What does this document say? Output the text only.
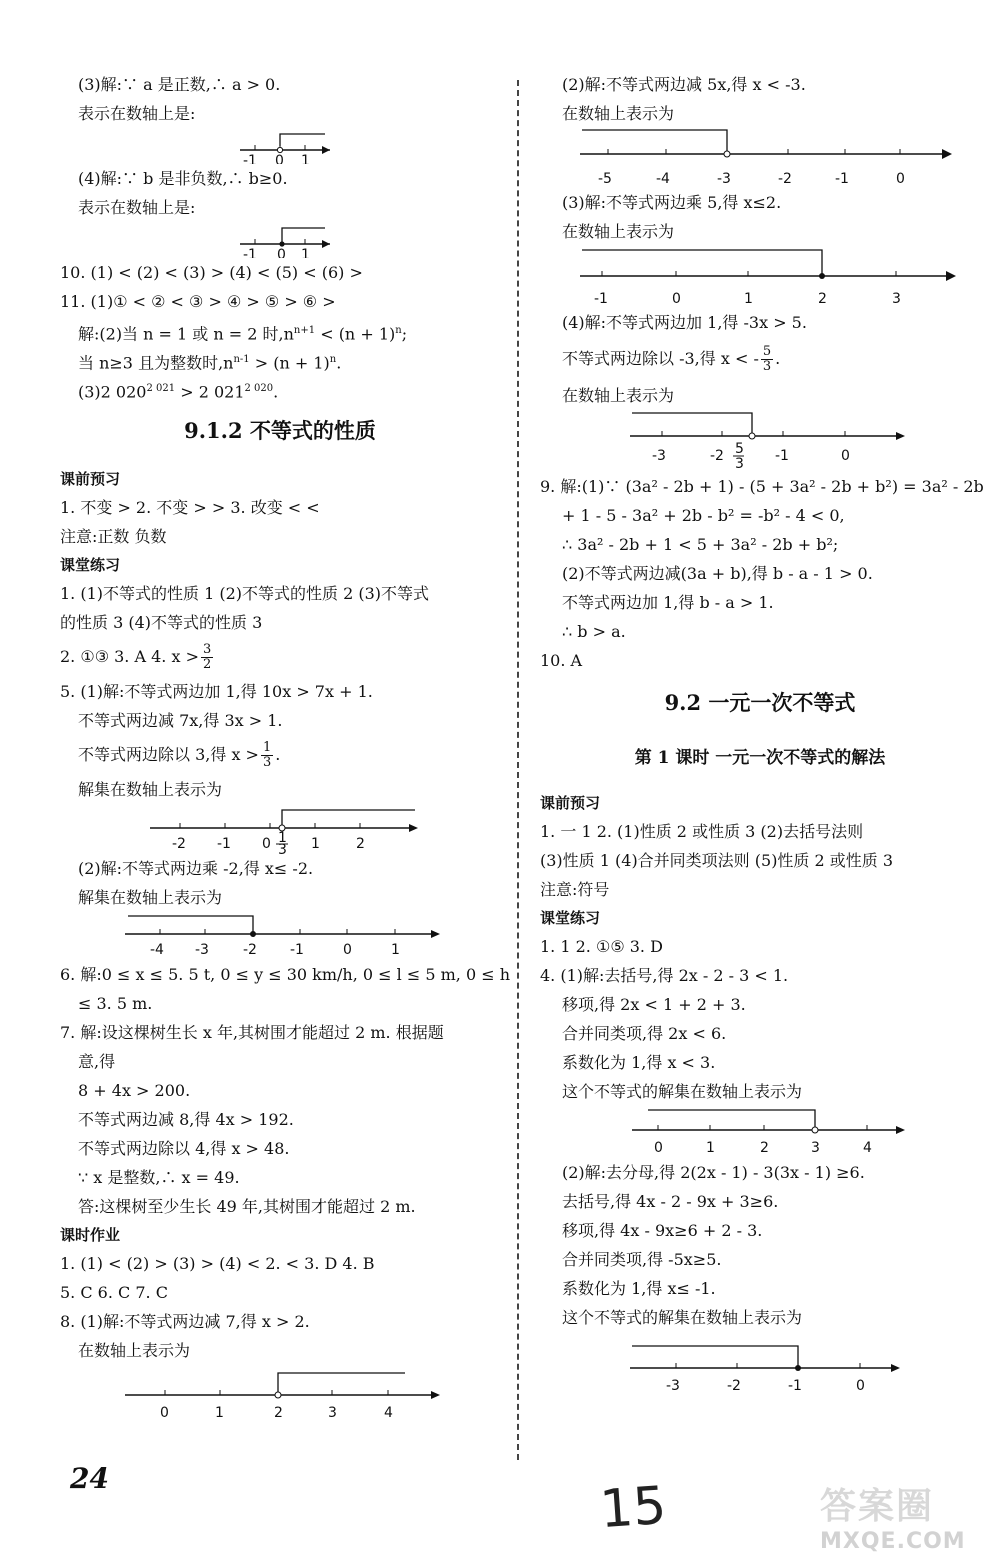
(3)解:∵ a 是正数,∴ a > 0.
表示在数轴上是:
-1 0 1
(4)解:∵ b 是非负数,∴ b≥0.
表示在数轴上是:
-1 0 1
10. (1) < (2) < (3) > (4) < (5) < (6) >
11. (1)① < ② < ③ > ④ > ⑤ > ⑥ >
解:(2)当 n = 1 或 n = 2 时$,n^{n+1} < (n + 1)^n$;
当 n≥3 且为整数时$,n^{n-1} > (n + 1)^n$.
(3)2 $020^{2 021} > 2$ $021^{2 020}$.
9.1.2 不等式的性质
课前预习
1. 不变 > 2. 不变 > > 3. 改变 < <
注意:正数 负数
课堂练习
1. (1)不等式的性质 1 (2)不等式的性质 2 (3)不等式
的性质 3 (4)不等式的性质 3
2. ①③ 3. A 4. $x > \frac{3}{2}$
5. (1)解:不等式两边加 1,得 10x > 7x + 1.
不等式两边减 7x,得 3x > 1.
不等式两边除以 3,得 $x > \frac{1}{3}$ .
解集在数轴上表示为
-2 -1 0	1	2
1
3
(2)解:不等式两边乘 -2,得 x≤ -2.
解集在数轴上表示为
-4 -3 -2 -1	0	1
6. 解:0 ≤ x ≤ 5. 5 t, 0 ≤ y ≤ 30 km/h, 0 ≤ l ≤ 5 m, 0 ≤ h
≤ 3. 5 m.
7. 解:设这棵树生长 x 年,其树围才能超过 2 m. 根据题
意,得
8 + 4x > 200.
不等式两边减 8,得 4x > 192.
不等式两边除以 4,得 x > 48.
∵ x 是整数,∴ x = 49.
答:这棵树至少生长 49 年,其树围才能超过 2 m.
课时作业
1. (1) < (2) > (3) > (4) < 2. < 3. D 4. B
5. C 6. C 7. C
8. (1)解:不等式两边减 7,得 x > 2.
在数轴上表示为
0	1	2	3	4
(2)解:不等式两边减 5x,得 x < -3.
在数轴上表示为
-5	-4	-3	-2	-1	0
(3)解:不等式两边乘 5,得 x≤2.
在数轴上表示为
-1	0	1	2	3
(4)解:不等式两边加 1,得 -3x > 5.
不等式两边除以 -3,得 x < - $\frac{5}{3}$ .
在数轴上表示为
-3	-2	-1	0
5
3
9. 解:(1)∵ (3a² - 2b + 1) - (5 + 3a² - 2b + b²) = 3a² - 2b
+ 1 - 5 - 3a² + 2b - b² = -b² - 4 < 0,
∴ 3a² - 2b + 1 < 5 + 3a² - 2b + b²;
(2)不等式两边减(3a + b),得 b - a - 1 > 0.
不等式两边加 1,得 b - a > 1.
∴ b > a.
10. A
9.2 一元一次不等式
第 1 课时 一元一次不等式的解法
课前预习
1. 一 1 2. (1)性质 2 或性质 3 (2)去括号法则
(3)性质 1 (4)合并同类项法则 (5)性质 2 或性质 3
注意:符号
课堂练习
1. 1 2. ①⑤ 3. D
4. (1)解:去括号,得 2x - 2 - 3 < 1.
移项,得 2x < 1 + 2 + 3.
合并同类项,得 2x < 6.
系数化为 1,得 x < 3.
这个不等式的解集在数轴上表示为
0	1	2	3	4
(2)解:去分母,得 2(2x - 1) - 3(3x - 1) ≥6.
去括号,得 4x - 2 - 9x + 3≥6.
移项,得 4x - 9x≥6 + 2 - 3.
合并同类项,得 -5x≥5.
系数化为 1,得 x≤ -1.
这个不等式的解集在数轴上表示为
-3	-2	-1	0
24	15	答案圈
MXQE.COM
